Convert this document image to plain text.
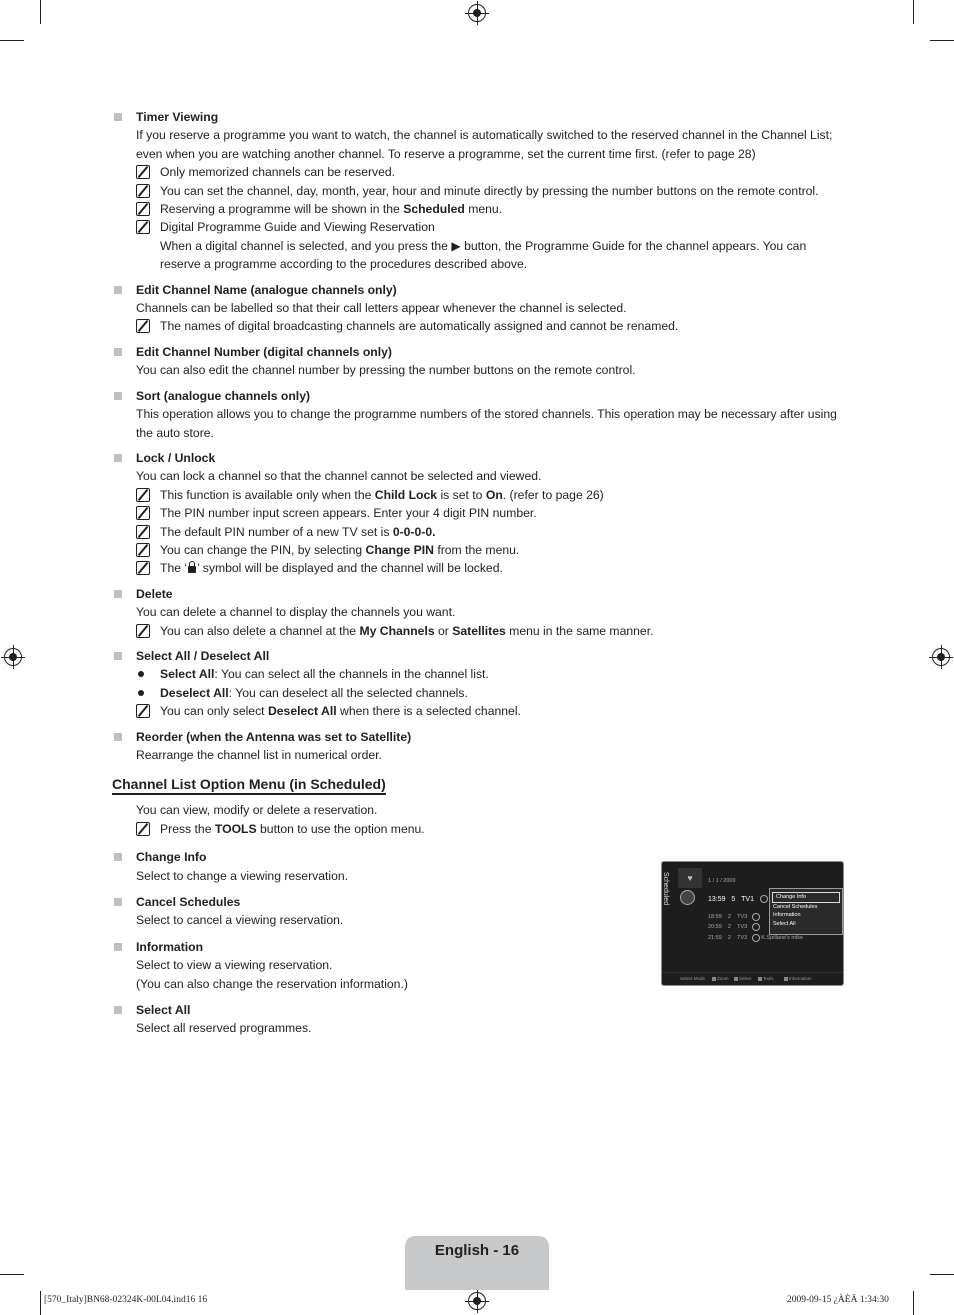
Timer Viewing
If you reserve a programme you want to watch, the channel is automatically switched to the reserved channel in the Channel List; even when you are watching another channel. To reserve a programme, set the current time first. (refer to page 28)
Only memorized channels can be reserved.
You can set the channel, day, month, year, hour and minute directly by pressing the number buttons on the remote control.
Reserving a programme will be shown in the Scheduled menu.
Digital Programme Guide and Viewing Reservation
When a digital channel is selected, and you press the ▶ button, the Programme Guide for the channel appears. You can reserve a programme according to the procedures described above.
Edit Channel Name (analogue channels only)
Channels can be labelled so that their call letters appear whenever the channel is selected.
The names of digital broadcasting channels are automatically assigned and cannot be renamed.
Edit Channel Number (digital channels only)
You can also edit the channel number by pressing the number buttons on the remote control.
Sort (analogue channels only)
This operation allows you to change the programme numbers of the stored channels. This operation may be necessary after using the auto store.
Lock / Unlock
You can lock a channel so that the channel cannot be selected and viewed.
This function is available only when the Child Lock is set to On. (refer to page 26)
The PIN number input screen appears. Enter your 4 digit PIN number.
The default PIN number of a new TV set is 0-0-0-0.
You can change the PIN, by selecting Change PIN from the menu.
The ‘ ’ symbol will be displayed and the channel will be locked.
Delete
You can delete a channel to display the channels you want.
You can also delete a channel at the My Channels or Satellites menu in the same manner.
Select All / Deselect All
Select All: You can select all the channels in the channel list.
Deselect All: You can deselect all the selected channels.
You can only select Deselect All when there is a selected channel.
Reorder (when the Antenna was set to Satellite)
Rearrange the channel list in numerical order.
Channel List Option Menu (in Scheduled)
You can view, modify or delete a reservation.
Press the TOOLS button to use the option menu.
Change Info
Select to change a viewing reservation.
Cancel Schedules
Select to cancel a viewing reservation.
Information
Select to view a viewing reservation.
(You can also change the reservation information.)
Select All
Select all reserved programmes.
Scheduled	♥	1 / 1 / 2009
13:59 5 TV1
18:59 2 TV3
20:59 2 TV3
21:59 2 TV3	K.Spillane's mike
Change Info
Cancel Schedules
Information
Select All
Select Mode	Zoom	Select	Tools	Information
English - 16
[570_Italy]BN68-02324K-00L04.ind16 16	2009-09-15 ¿ÀÈÄ 1:34:30
